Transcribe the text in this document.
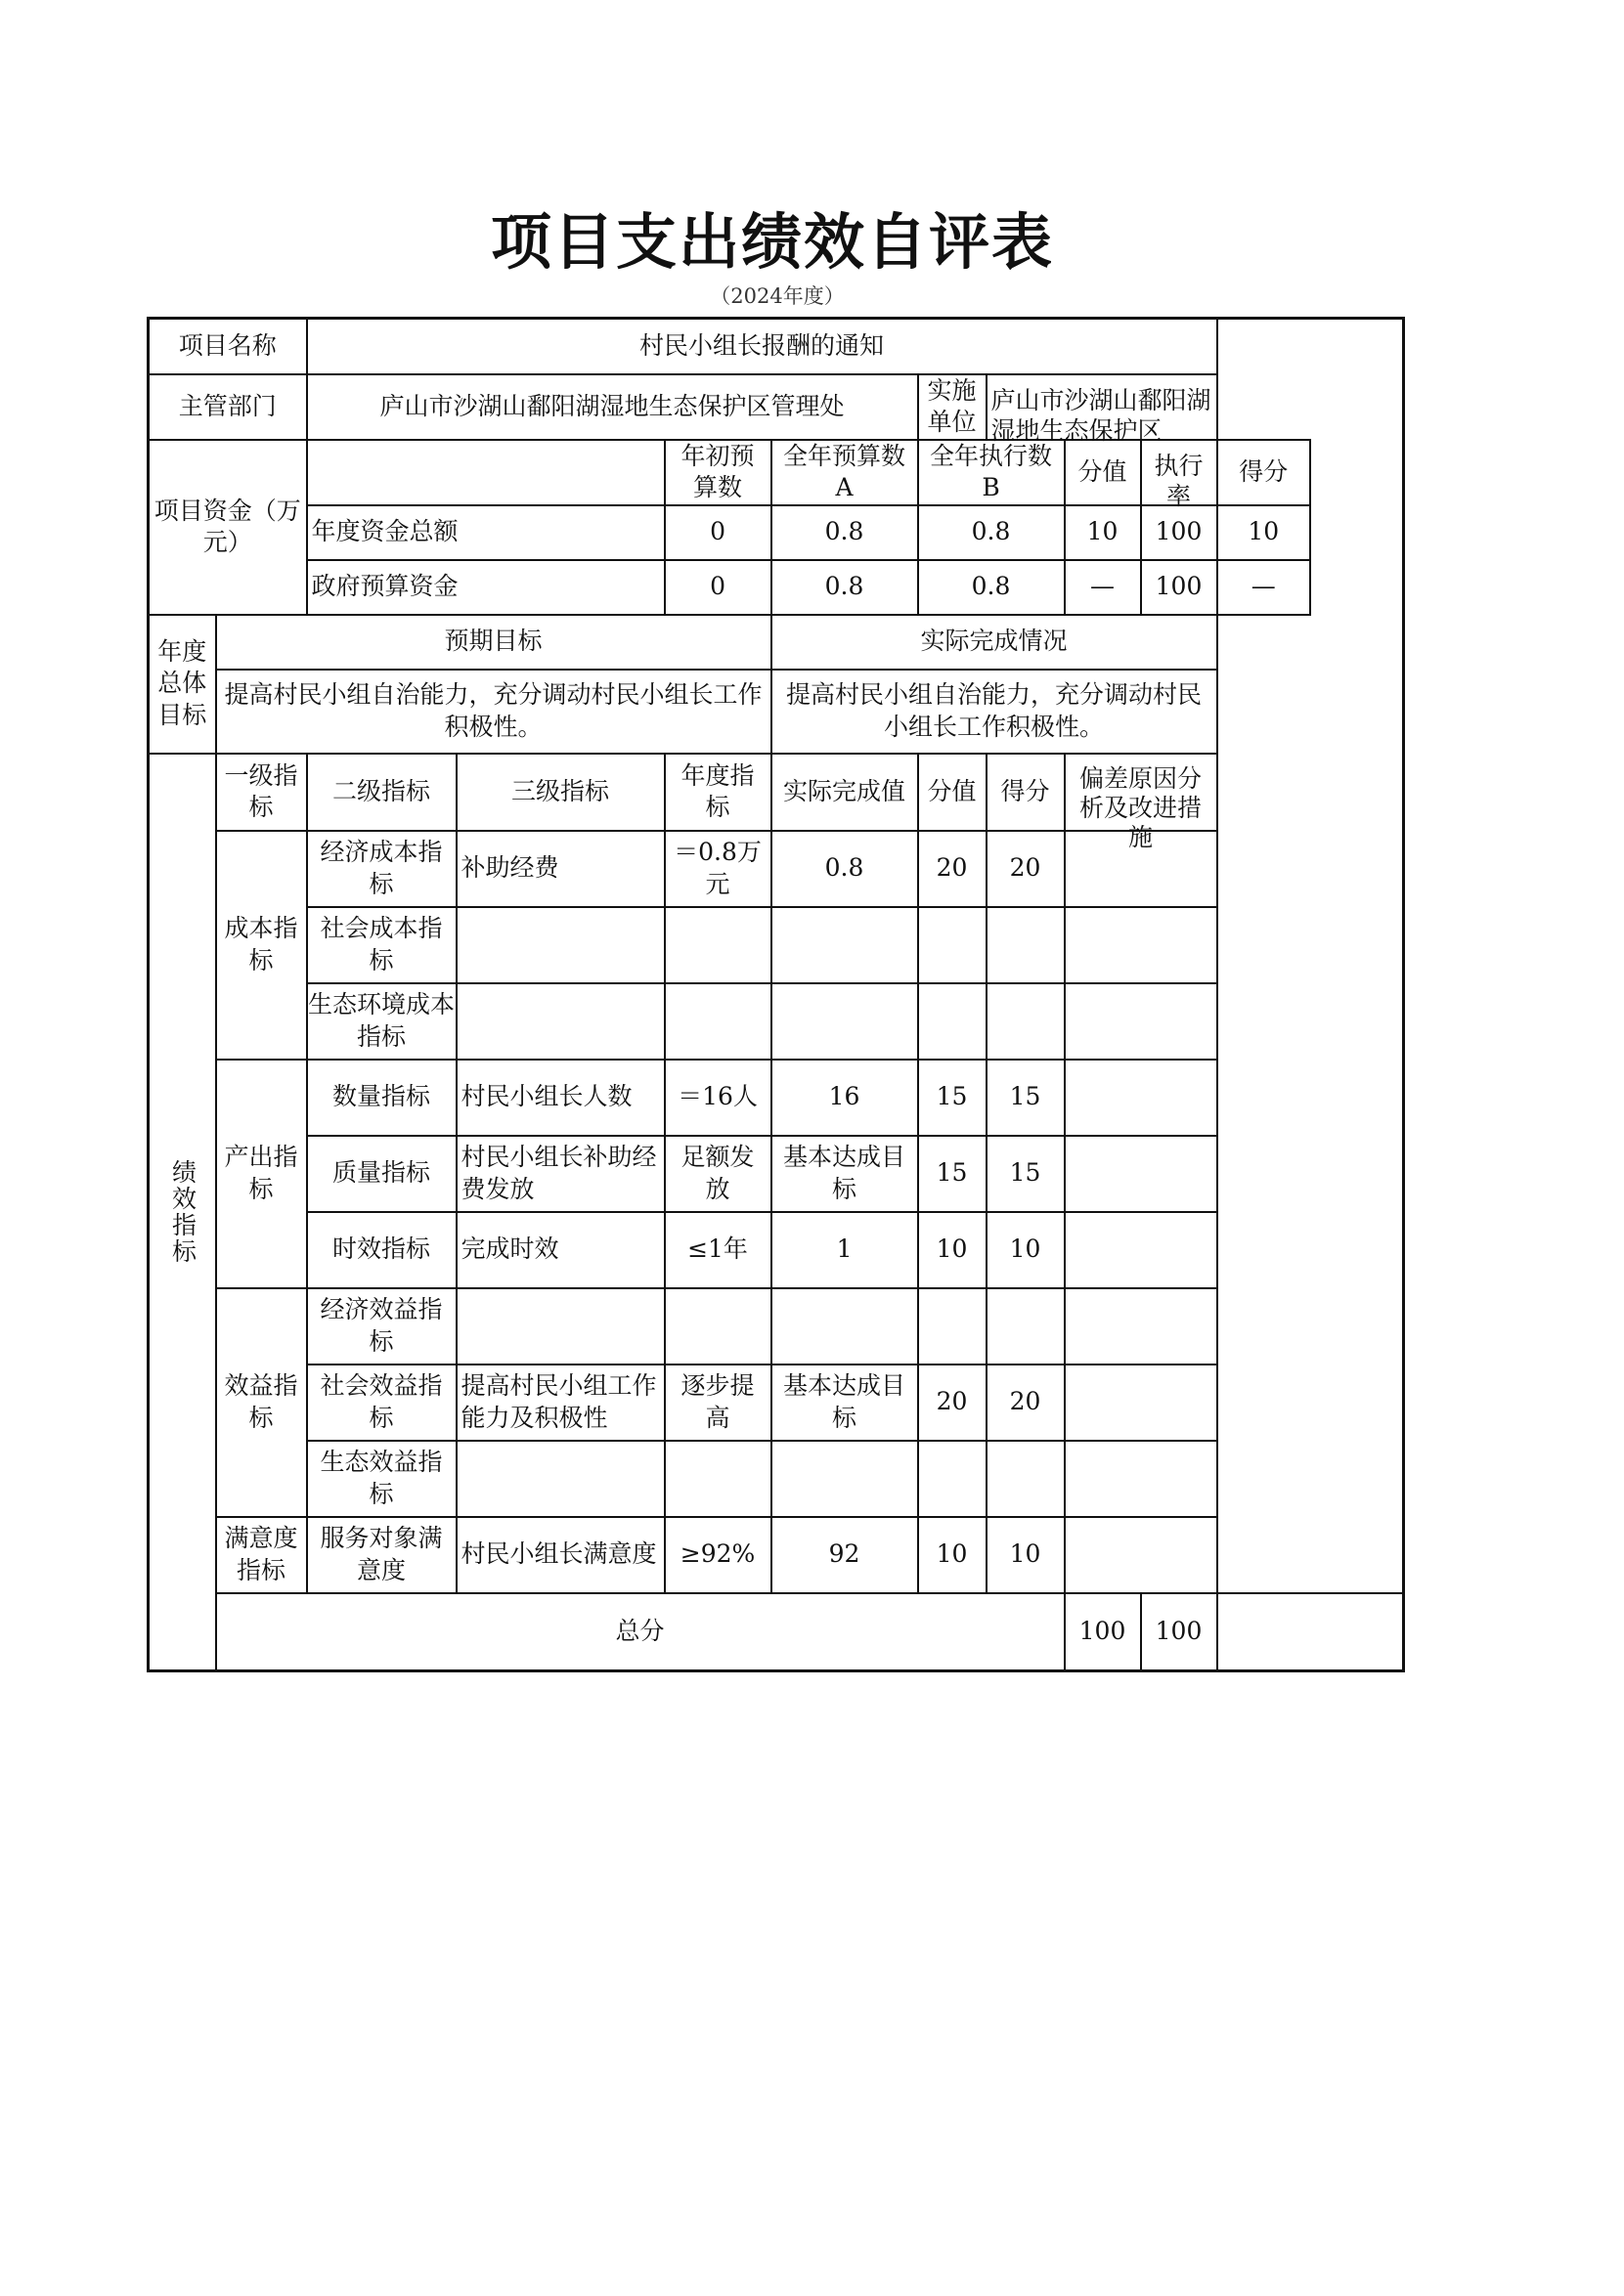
项目支出绩效自评表
（2024年度）
项目名称		村民小组长报酬的通知								
主管部门		庐山市沙湖山鄱阳湖湿地生态保护区管理处				实施单位	庐山市沙湖山鄱阳湖湿地生态保护区			

项目资金（万元）				年初预算数	全年预算数A	全年执行数B		分值	执行率	得分
		年度资金总额		0	0.8	0.8		10	100	10
		政府预算资金		0	0.8	0.8		—	100	—
年度总体目标	预期目标				实际完成情况					
	提高村民小组自治能力，充分调动村民小组长工作积极性。				提高村民小组自治能力，充分调动村民小组长工作积极性。					

绩效指标	一级指标	二级指标	三级指标	年度指标	实际完成值	分值	得分	偏差原因分析及改进措施		

	成本指标	经济成本指标	补助经费	＝0.8万元	0.8	20	20			
		社会成本指标								
		生态环境成本指标								
	产出指标	数量指标	村民小组长人数	＝16人	16	15	15			
		质量指标	村民小组长补助经费发放	足额发放	基本达成目标	15	15			
		时效指标	完成时效	≤1年	1	10	10			
	效益指标	经济效益指标								
		社会效益指标	提高村民小组工作能力及积极性	逐步提高	基本达成目标	20	20			
		生态效益指标								
	满意度指标	服务对象满意度	村民小组长满意度	≥92%	92	10	10			
	总分							100	100	
